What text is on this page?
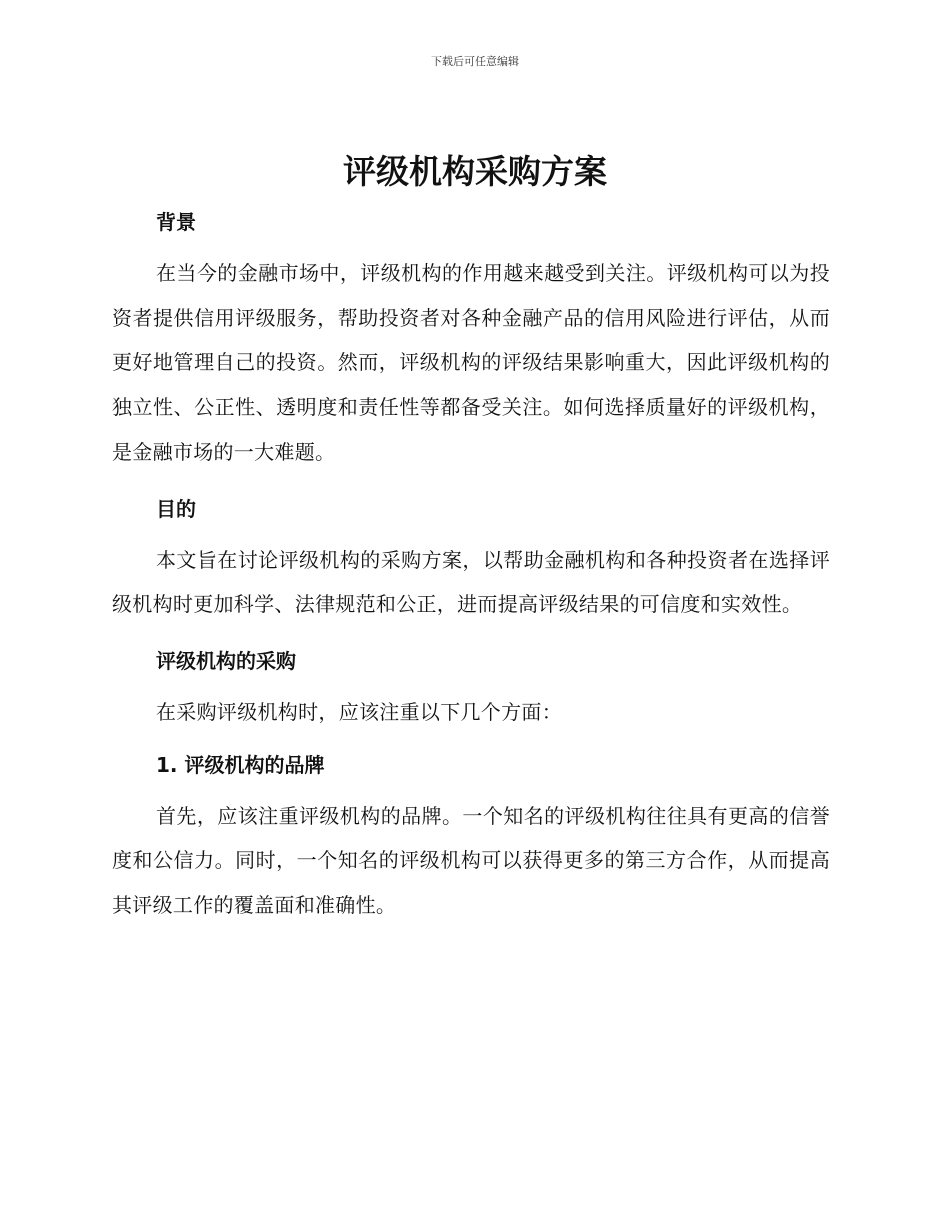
下载后可任意编辑
评级机构采购方案
背景

在当今的金融市场中，评级机构的作用越来越受到关注。评级机构可以为投资者提供信用评级服务，帮助投资者对各种金融产品的信用风险进行评估，从而更好地管理自己的投资。然而，评级机构的评级结果影响重大，因此评级机构的独立性、公正性、透明度和责任性等都备受关注。如何选择质量好的评级机构，是金融市场的一大难题。

目的

本文旨在讨论评级机构的采购方案，以帮助金融机构和各种投资者在选择评级机构时更加科学、法律规范和公正，进而提高评级结果的可信度和实效性。

评级机构的采购

在采购评级机构时，应该注重以下几个方面：

1. 评级机构的品牌

首先，应该注重评级机构的品牌。一个知名的评级机构往往具有更高的信誉度和公信力。同时，一个知名的评级机构可以获得更多的第三方合作，从而提高其评级工作的覆盖面和准确性。
